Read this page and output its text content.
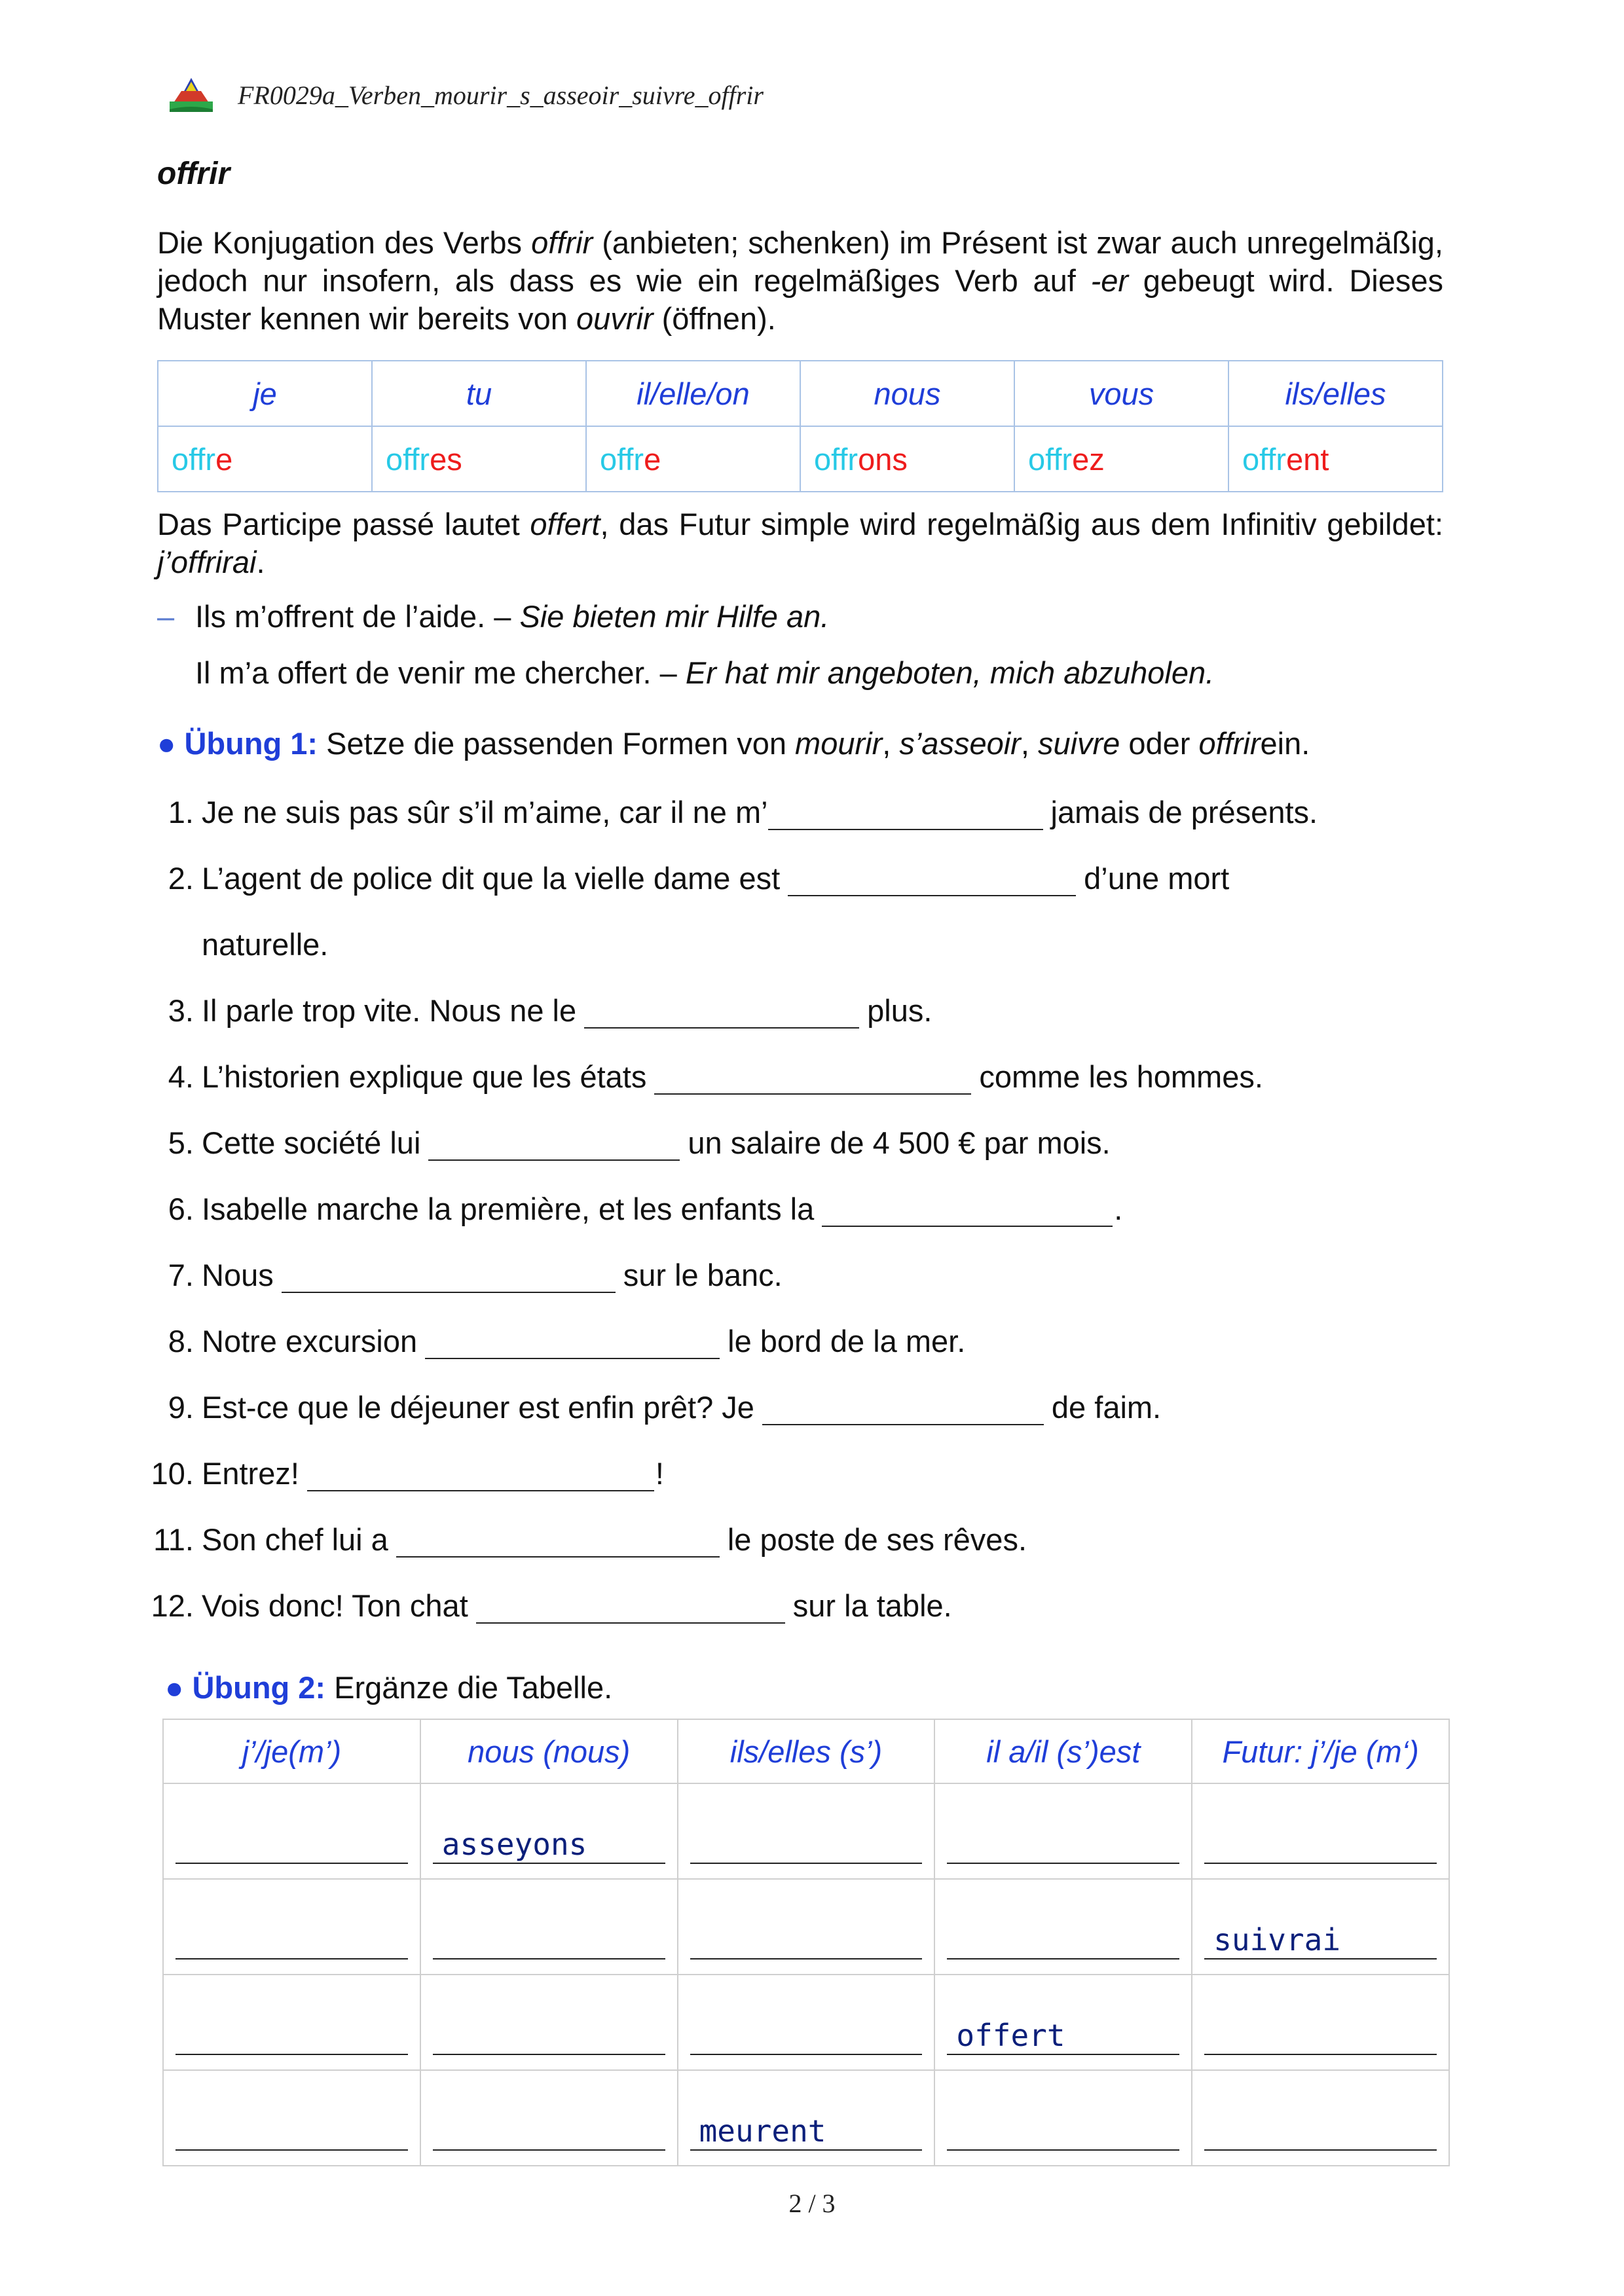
FR0029a_Verben_mourir_s_asseoir_suivre_offrir
offrir
Die Konjugation des Verbs offrir (anbieten; schenken) im Présent ist zwar auch unregelmäßig, jedoch nur insofern, als dass es wie ein regelmäßiges Verb auf -er gebeugt wird. Dieses Muster kennen wir bereits von ouvrir (öffnen).
je	tu	il/elle/on	nous	vous	ils/elles
offre	offres	offre	offrons	offrez	offrent
Das Participe passé lautet offert, das Futur simple wird regelmäßig aus dem Infinitiv gebildet: j’offrirai.
– Ils m’offrent de l’aide. – Sie bieten mir Hilfe an.
Il m’a offert de venir me chercher. – Er hat mir angeboten, mich abzuholen.
● Übung 1: Setze die passenden Formen von mourir, s’asseoir, suivre oder offrirein.
1. Je ne suis pas sûr s’il m’aime, car il ne m’	jamais de présents.
2. L’agent de police dit que la vielle dame est	d’une mort
naturelle.
3. Il parle trop vite. Nous ne le	plus.
4. L’historien explique que les états	comme les hommes.
5. Cette société lui	un salaire de 4 500 € par mois.
6. Isabelle marche la première, et les enfants la	.
7. Nous	sur le banc.
8. Notre excursion	le bord de la mer.
9. Est-ce que le déjeuner est enfin prêt? Je	de faim.
10. Entrez!	!
11. Son chef lui a	le poste de ses rêves.
12. Vois donc! Ton chat	sur la table.
● Übung 2: Ergänze die Tabelle.
j’/je(m’)	nous (nous)	ils/elles (s’)	il a/il (s’)est	Futur: j’/je (m‘)

	asseyons			

				suivrai

			offert	

		meurent		

2 / 3
